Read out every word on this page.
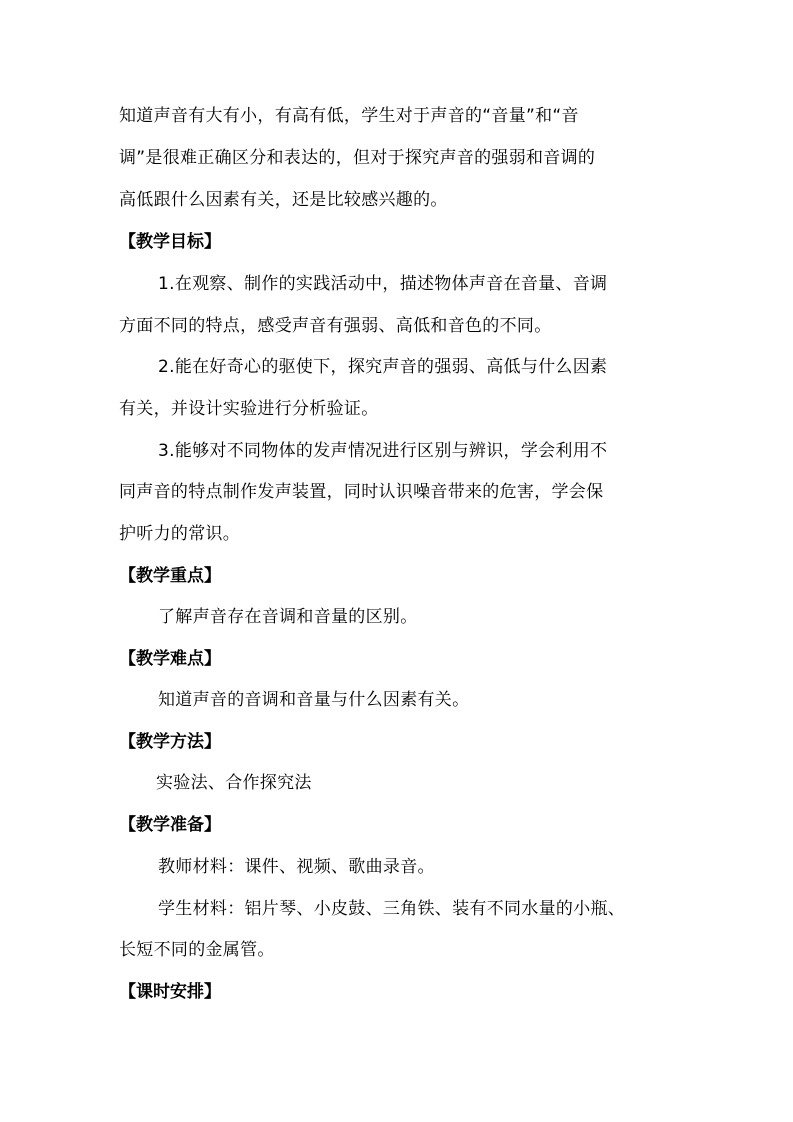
知道声音有大有小，有高有低，学生对于声音的“音量”和“音
调”是很难正确区分和表达的，但对于探究声音的强弱和音调的
高低跟什么因素有关，还是比较感兴趣的。
【教学目标】
1.在观察、制作的实践活动中，描述物体声音在音量、音调
方面不同的特点，感受声音有强弱、高低和音色的不同。
2.能在好奇心的驱使下，探究声音的强弱、高低与什么因素
有关，并设计实验进行分析验证。
3.能够对不同物体的发声情况进行区别与辨识，学会利用不
同声音的特点制作发声装置，同时认识噪音带来的危害，学会保
护听力的常识。
【教学重点】
了解声音存在音调和音量的区别。
【教学难点】
知道声音的音调和音量与什么因素有关。
【教学方法】
实验法、合作探究法
【教学准备】
教师材料：课件、视频、歌曲录音。
学生材料：铝片琴、小皮鼓、三角铁、装有不同水量的小瓶、
长短不同的金属管。
【课时安排】
